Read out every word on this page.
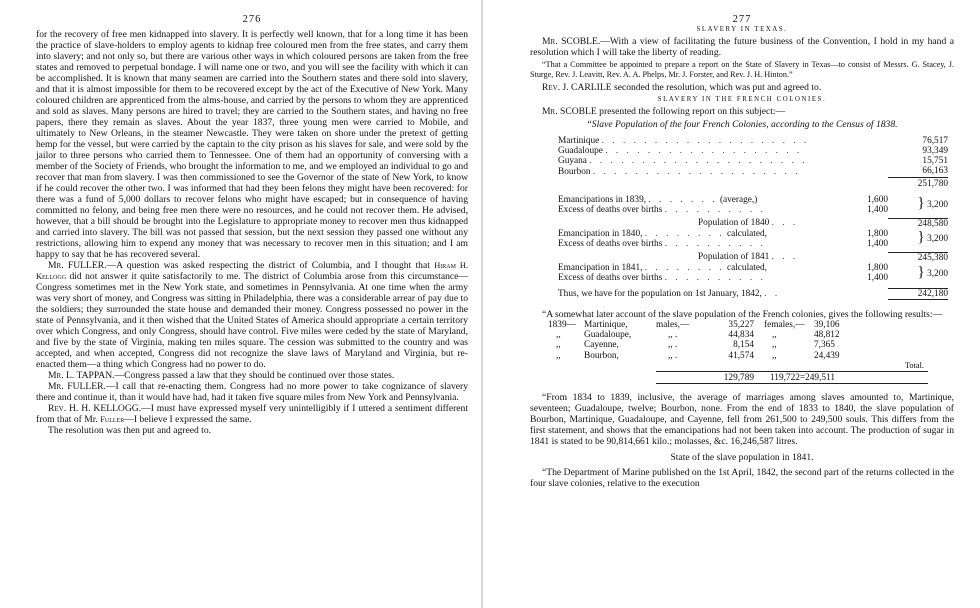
276

for the recovery of free men kidnapped into slavery. It is perfectly well known, that for a long time it has been the practice of slave-holders to employ agents to kidnap free coloured men from the free states, and carry them into slavery; and not only so, but there are various other ways in which coloured persons are taken from the free states and removed to perpetual bondage. I will name one or two, and you will see the facility with which it can be accomplished. It is known that many seamen are carried into the Southern states and there sold into slavery, and that it is almost impossible for them to be recovered except by the act of the Executive of New York. Many coloured children are apprenticed from the alms-house, and carried by the persons to whom they are apprenticed and sold as slaves. Many persons are hired to travel; they are carried to the Southern states, and having no free papers, there they remain as slaves. About the year 1837, three young men were carried to Mobile, and ultimately to New Orleans, in the steamer Newcastle. They were taken on shore under the pretext of getting hemp for the vessel, but were carried by the captain to the city prison as his slaves for sale, and were sold by the jailor to three persons who carried them to Tennessee. One of them had an opportunity of conversing with a member of the Society of Friends, who brought the information to me, and we employed an individual to go and recover that man from slavery. I was then commissioned to see the Governor of the state of New York, to know if he could recover the other two. I was informed that had they been felons they might have been recovered: for there was a fund of 5,000 dollars to recover felons who might have escaped; but in consequence of having committed no felony, and being free men there were no resources, and he could not recover them. He advised, however, that a bill should be brought into the Legislature to appropriate money to recover men thus kidnapped and carried into slavery. The bill was not passed that session, but the next session they passed one without any restrictions, allowing him to expend any money that was necessary to recover men in this situation; and I am happy to say that he has recovered several.

Mr. FULLER.—A question was asked respecting the district of Columbia, and I thought that Hiram H. Kellogg did not answer it quite satisfactorily to me. The district of Columbia arose from this circumstance—Congress sometimes met in the New York state, and sometimes in Pennsylvania. At one time when the army was very short of money, and Congress was sitting in Philadelphia, there was a considerable arrear of pay due to the soldiers; they surrounded the state house and demanded their money. Congress possessed no power in the state of Pennsylvania, and it then wished that the United States of America should appropriate a certain territory over which Congress, and only Congress, should have control. Five miles were ceded by the state of Maryland, and five by the state of Virginia, making ten miles square. The cession was submitted to the country and was accepted, and when accepted, Congress did not recognize the slave laws of Maryland and Virginia, but re-enacted them—a thing which Congress had no power to do.

Mr. L. TAPPAN.—Congress passed a law that they should be continued over those states.

Mr. FULLER.—I call that re-enacting them. Congress had no more power to take cognizance of slavery there and continue it, than it would have had, had it taken five square miles from New York and Pennsylvania.

Rev. H. H. KELLOGG.—I must have expressed myself very unintelligibly if I uttered a sentiment different from that of Mr. Fuller—I believe I expressed the same.

The resolution was then put and agreed to.

277
SLAVERY IN TEXAS.

Mr. SCOBLE.—With a view of facilitating the future business of the Convention, I hold in my hand a resolution which I will take the liberty of reading.

“That a Committee be appointed to prepare a report on the State of Slavery in Texas—to consist of Messrs. G. Stacey, J. Sturge, Rev. J. Leavitt, Rev. A. A. Phelps, Mr. J. Forster, and Rev. J. H. Hinton.”

Rev. J. CARLILE seconded the resolution, which was put and agreed to.

SLAVERY IN THE FRENCH COLONIES.

Mr. SCOBLE presented the following report on this subject:—

“Slave Population of the four French Colonies, according to the Census of 1838.
Martinique . . . . . . . . . . . . . . . . . . . .		76,517
Guadaloupe . . . . . . . . . . . . . . . . . . .		93,349
Guyana . . . . . . . . . . . . . . . . . . . . .		15,751
Bourbon . . . . . . . . . . . . . . . . . . . .		66,163
		251,780

Emancipations in 1839, . . . . . . . (average,)	1,600	} 3,200
Excess of deaths over births . . . . . . . . . .	1,400	

Population of 1840 . . .		248,580
Emancipation in 1840, . . . . . . . . calculated,	1,800	} 3,200
Excess of deaths over births . . . . . . . . . .	1,400	

Population of 1841 . . .		245,380
Emancipation in 1841, . . . . . . . . calculated,	1,800	} 3,200
Excess of deaths over births . . . . . . . . . .	1,400	

Thus, we have for the population on 1st January, 1842, . .		242,180

“A somewhat later account of the slave population of the French colonies, gives the following results:—

1839—	Martinique,	males,—	35,227	females,—	39,106
,,	Guadaloupe,	,, .	44,834	,,	48,812
,,	Cayenne,	,, .	8,154	,,	7,365
,,	Bourbon,	,, .	41,574	,,	24,439
					Total.
		129,789		119,722=249,511	

“From 1834 to 1839, inclusive, the average of marriages among slaves amounted to, Martinique, seventeen; Guadaloupe, twelve; Bourbon, none. From the end of 1833 to 1840, the slave population of Bourbon, Martinique, Guadaloupe, and Cayenne, fell from 261,500 to 249,500 souls. This differs from the first statement, and shows that the emancipations had not been taken into account. The production of sugar in 1841 is stated to be 90,814,661 kilo.; molasses, &c. 16,246,587 litres.

State of the slave population in 1841.

“The Department of Marine published on the 1st April, 1842, the second part of the returns collected in the four slave colonies, relative to the execution
